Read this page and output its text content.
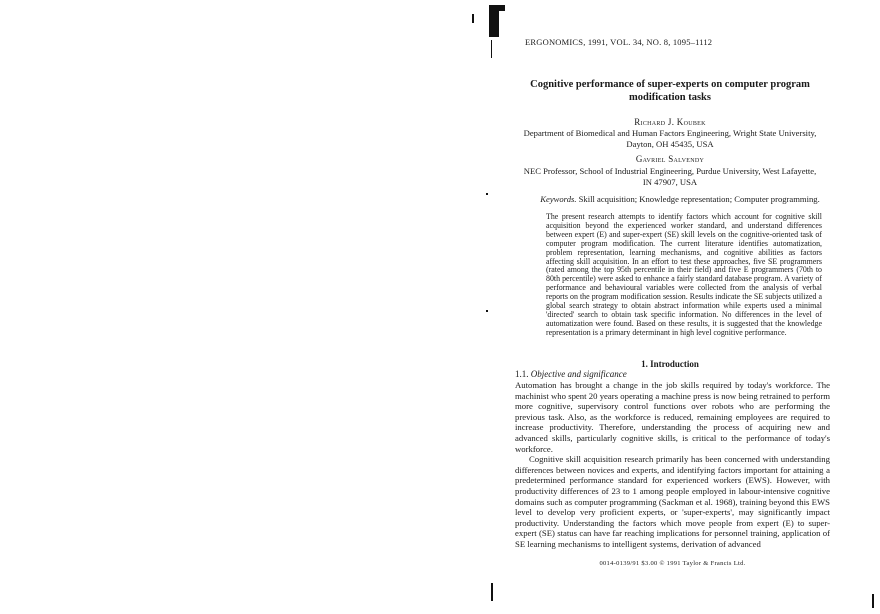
ERGONOMICS, 1991, VOL. 34, NO. 8, 1095–1112
Cognitive performance of super-experts on computer program modification tasks
Richard J. Koubek
Department of Biomedical and Human Factors Engineering, Wright State University, Dayton, OH 45435, USA
Gavriel Salvendy
NEC Professor, School of Industrial Engineering, Purdue University, West Lafayette, IN 47907, USA
Keywords. Skill acquisition; Knowledge representation; Computer programming.
The present research attempts to identify factors which account for cognitive skill acquisition beyond the experienced worker standard, and understand differences between expert (E) and super-expert (SE) skill levels on the cognitive-oriented task of computer program modification. The current literature identifies automatization, problem representation, learning mechanisms, and cognitive abilities as factors affecting skill acquisition. In an effort to test these approaches, five SE programmers (rated among the top 95th percentile in their field) and five E programmers (70th to 80th percentile) were asked to enhance a fairly standard database program. A variety of performance and behavioural variables were collected from the analysis of verbal reports on the program modification session. Results indicate the SE subjects utilized a global search strategy to obtain abstract information while experts used a minimal 'directed' search to obtain task specific information. No differences in the level of automatization were found. Based on these results, it is suggested that the knowledge representation is a primary determinant in high level cognitive performance.
1. Introduction
1.1. Objective and significance

Automation has brought a change in the job skills required by today's workforce. The machinist who spent 20 years operating a machine press is now being retrained to perform more cognitive, supervisory control functions over robots who are performing the previous task. Also, as the workforce is reduced, remaining employees are required to increase productivity. Therefore, understanding the process of acquiring new and advanced skills, particularly cognitive skills, is critical to the performance of today's workforce.

Cognitive skill acquisition research primarily has been concerned with understanding differences between novices and experts, and identifying factors important for attaining a predetermined performance standard for experienced workers (EWS). However, with productivity differences of 23 to 1 among people employed in labour-intensive cognitive domains such as computer programming (Sackman et al. 1968), training beyond this EWS level to develop very proficient experts, or 'super-experts', may significantly impact productivity. Understanding the factors which move people from expert (E) to super-expert (SE) status can have far reaching implications for personnel training, application of SE learning mechanisms to intelligent systems, derivation of advanced

0014-0139/91 $3.00 © 1991 Taylor & Francis Ltd.
